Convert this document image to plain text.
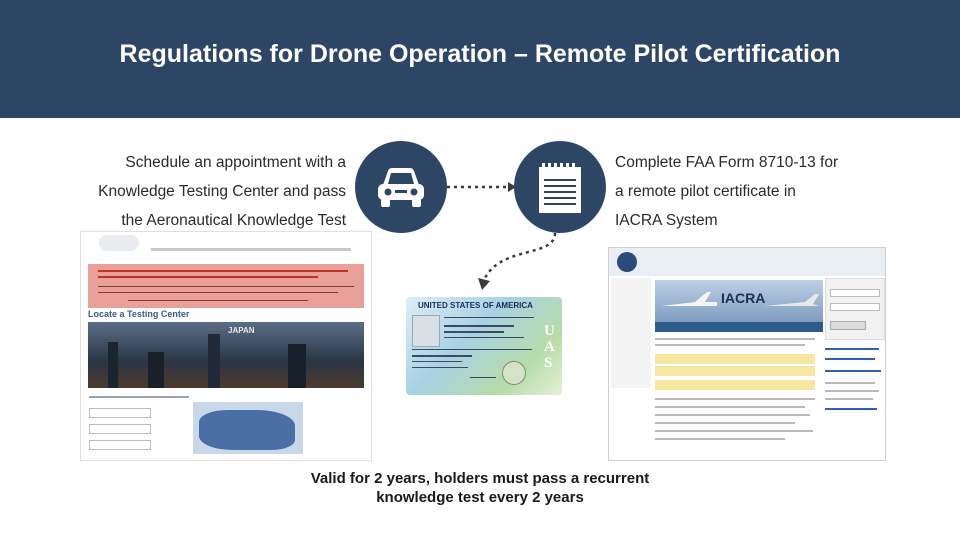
Regulations for Drone Operation – Remote Pilot Certification
Schedule an appointment with a
Knowledge Testing Center and pass
the Aeronautical Knowledge Test
Complete FAA Form 8710-13 for
a remote pilot certificate in
IACRA System
Locate a Testing Center
JAPAN
IACRA
UNITED STATES OF AMERICA
U
A
S
Valid for 2 years, holders must pass a recurrent
knowledge test every 2 years
